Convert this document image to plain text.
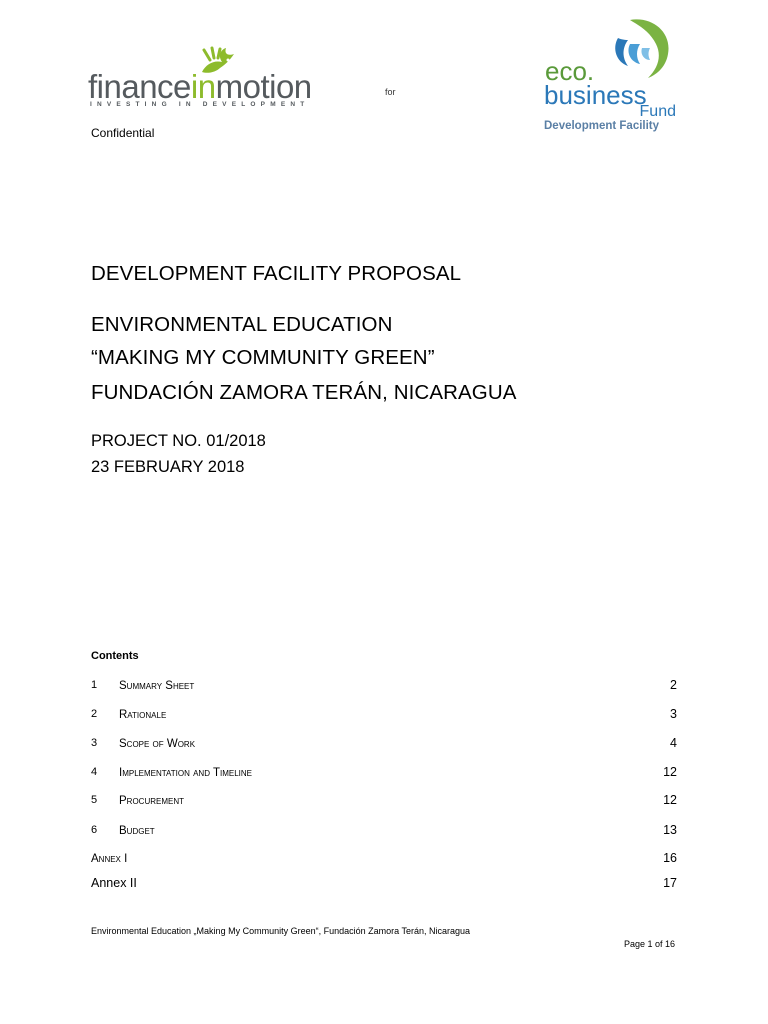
financeinmotion
INVESTING IN DEVELOPMENT
for
eco.
business
Fund
Development Facility
Confidential
DEVELOPMENT FACILITY PROPOSAL
ENVIRONMENTAL EDUCATION
“MAKING MY COMMUNITY GREEN”
FUNDACIÓN ZAMORA TERÁN, NICARAGUA
PROJECT NO. 01/2018
23 FEBRUARY 2018
Contents
1 Summary Sheet	2
2 Rationale	3
3 Scope of Work	4
4 Implementation and Timeline	12
5 Procurement	12
6 Budget	13
Annex I	16
Annex II	17
Environmental Education „Making My Community Green“, Fundación Zamora Terán, Nicaragua
Page 1 of 16
